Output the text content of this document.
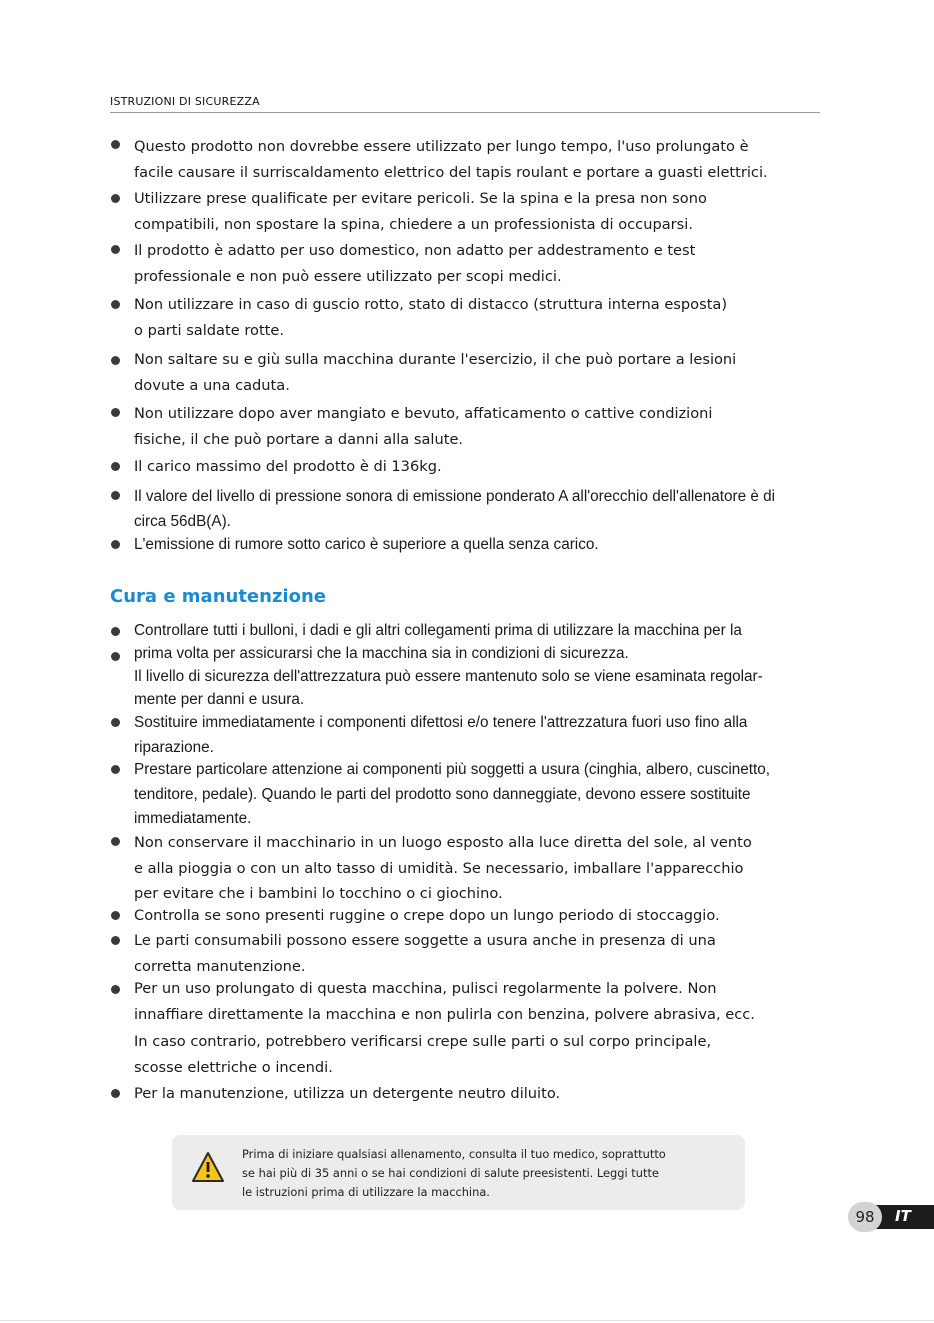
ISTRUZIONI DI SICUREZZA
Questo prodotto non dovrebbe essere utilizzato per lungo tempo, l'uso prolungato è
facile causare il surriscaldamento elettrico del tapis roulant e portare a guasti elettrici.
Utilizzare prese qualificate per evitare pericoli. Se la spina e la presa non sono
compatibili, non spostare la spina, chiedere a un professionista di occuparsi.
Il prodotto è adatto per uso domestico, non adatto per addestramento e test
professionale e non può essere utilizzato per scopi medici.
Non utilizzare in caso di guscio rotto, stato di distacco (struttura interna esposta)
o parti saldate rotte.
Non saltare su e giù sulla macchina durante l'esercizio, il che può portare a lesioni
dovute a una caduta.
Non utilizzare dopo aver mangiato e bevuto, affaticamento o cattive condizioni
fisiche, il che può portare a danni alla salute.
Il carico massimo del prodotto è di 136kg.
Il valore del livello di pressione sonora di emissione ponderato A all'orecchio dell'allenatore è di
circa 56dB(A).
L'emissione di rumore sotto carico è superiore a quella senza carico.
Cura e manutenzione
Controllare tutti i bulloni, i dadi e gli altri collegamenti prima di utilizzare la macchina per la
prima volta per assicurarsi che la macchina sia in condizioni di sicurezza.
Il livello di sicurezza dell'attrezzatura può essere mantenuto solo se viene esaminata regolar-
mente per danni e usura.
Sostituire immediatamente i componenti difettosi e/o tenere l'attrezzatura fuori uso fino alla
riparazione.
Prestare particolare attenzione ai componenti più soggetti a usura (cinghia, albero, cuscinetto,
tenditore, pedale). Quando le parti del prodotto sono danneggiate, devono essere sostituite
immediatamente.
Non conservare il macchinario in un luogo esposto alla luce diretta del sole, al vento
e alla pioggia o con un alto tasso di umidità. Se necessario, imballare l'apparecchio
per evitare che i bambini lo tocchino o ci giochino.
Controlla se sono presenti ruggine o crepe dopo un lungo periodo di stoccaggio.
Le parti consumabili possono essere soggette a usura anche in presenza di una
corretta manutenzione.
Per un uso prolungato di questa macchina, pulisci regolarmente la polvere. Non
innaffiare direttamente la macchina e non pulirla con benzina, polvere abrasiva, ecc.
In caso contrario, potrebbero verificarsi crepe sulle parti o sul corpo principale,
scosse elettriche o incendi.
Per la manutenzione, utilizza un detergente neutro diluito.
Prima di iniziare qualsiasi allenamento, consulta il tuo medico, soprattutto
se hai più di 35 anni o se hai condizioni di salute preesistenti. Leggi tutte
le istruzioni prima di utilizzare la macchina.
IT
98
